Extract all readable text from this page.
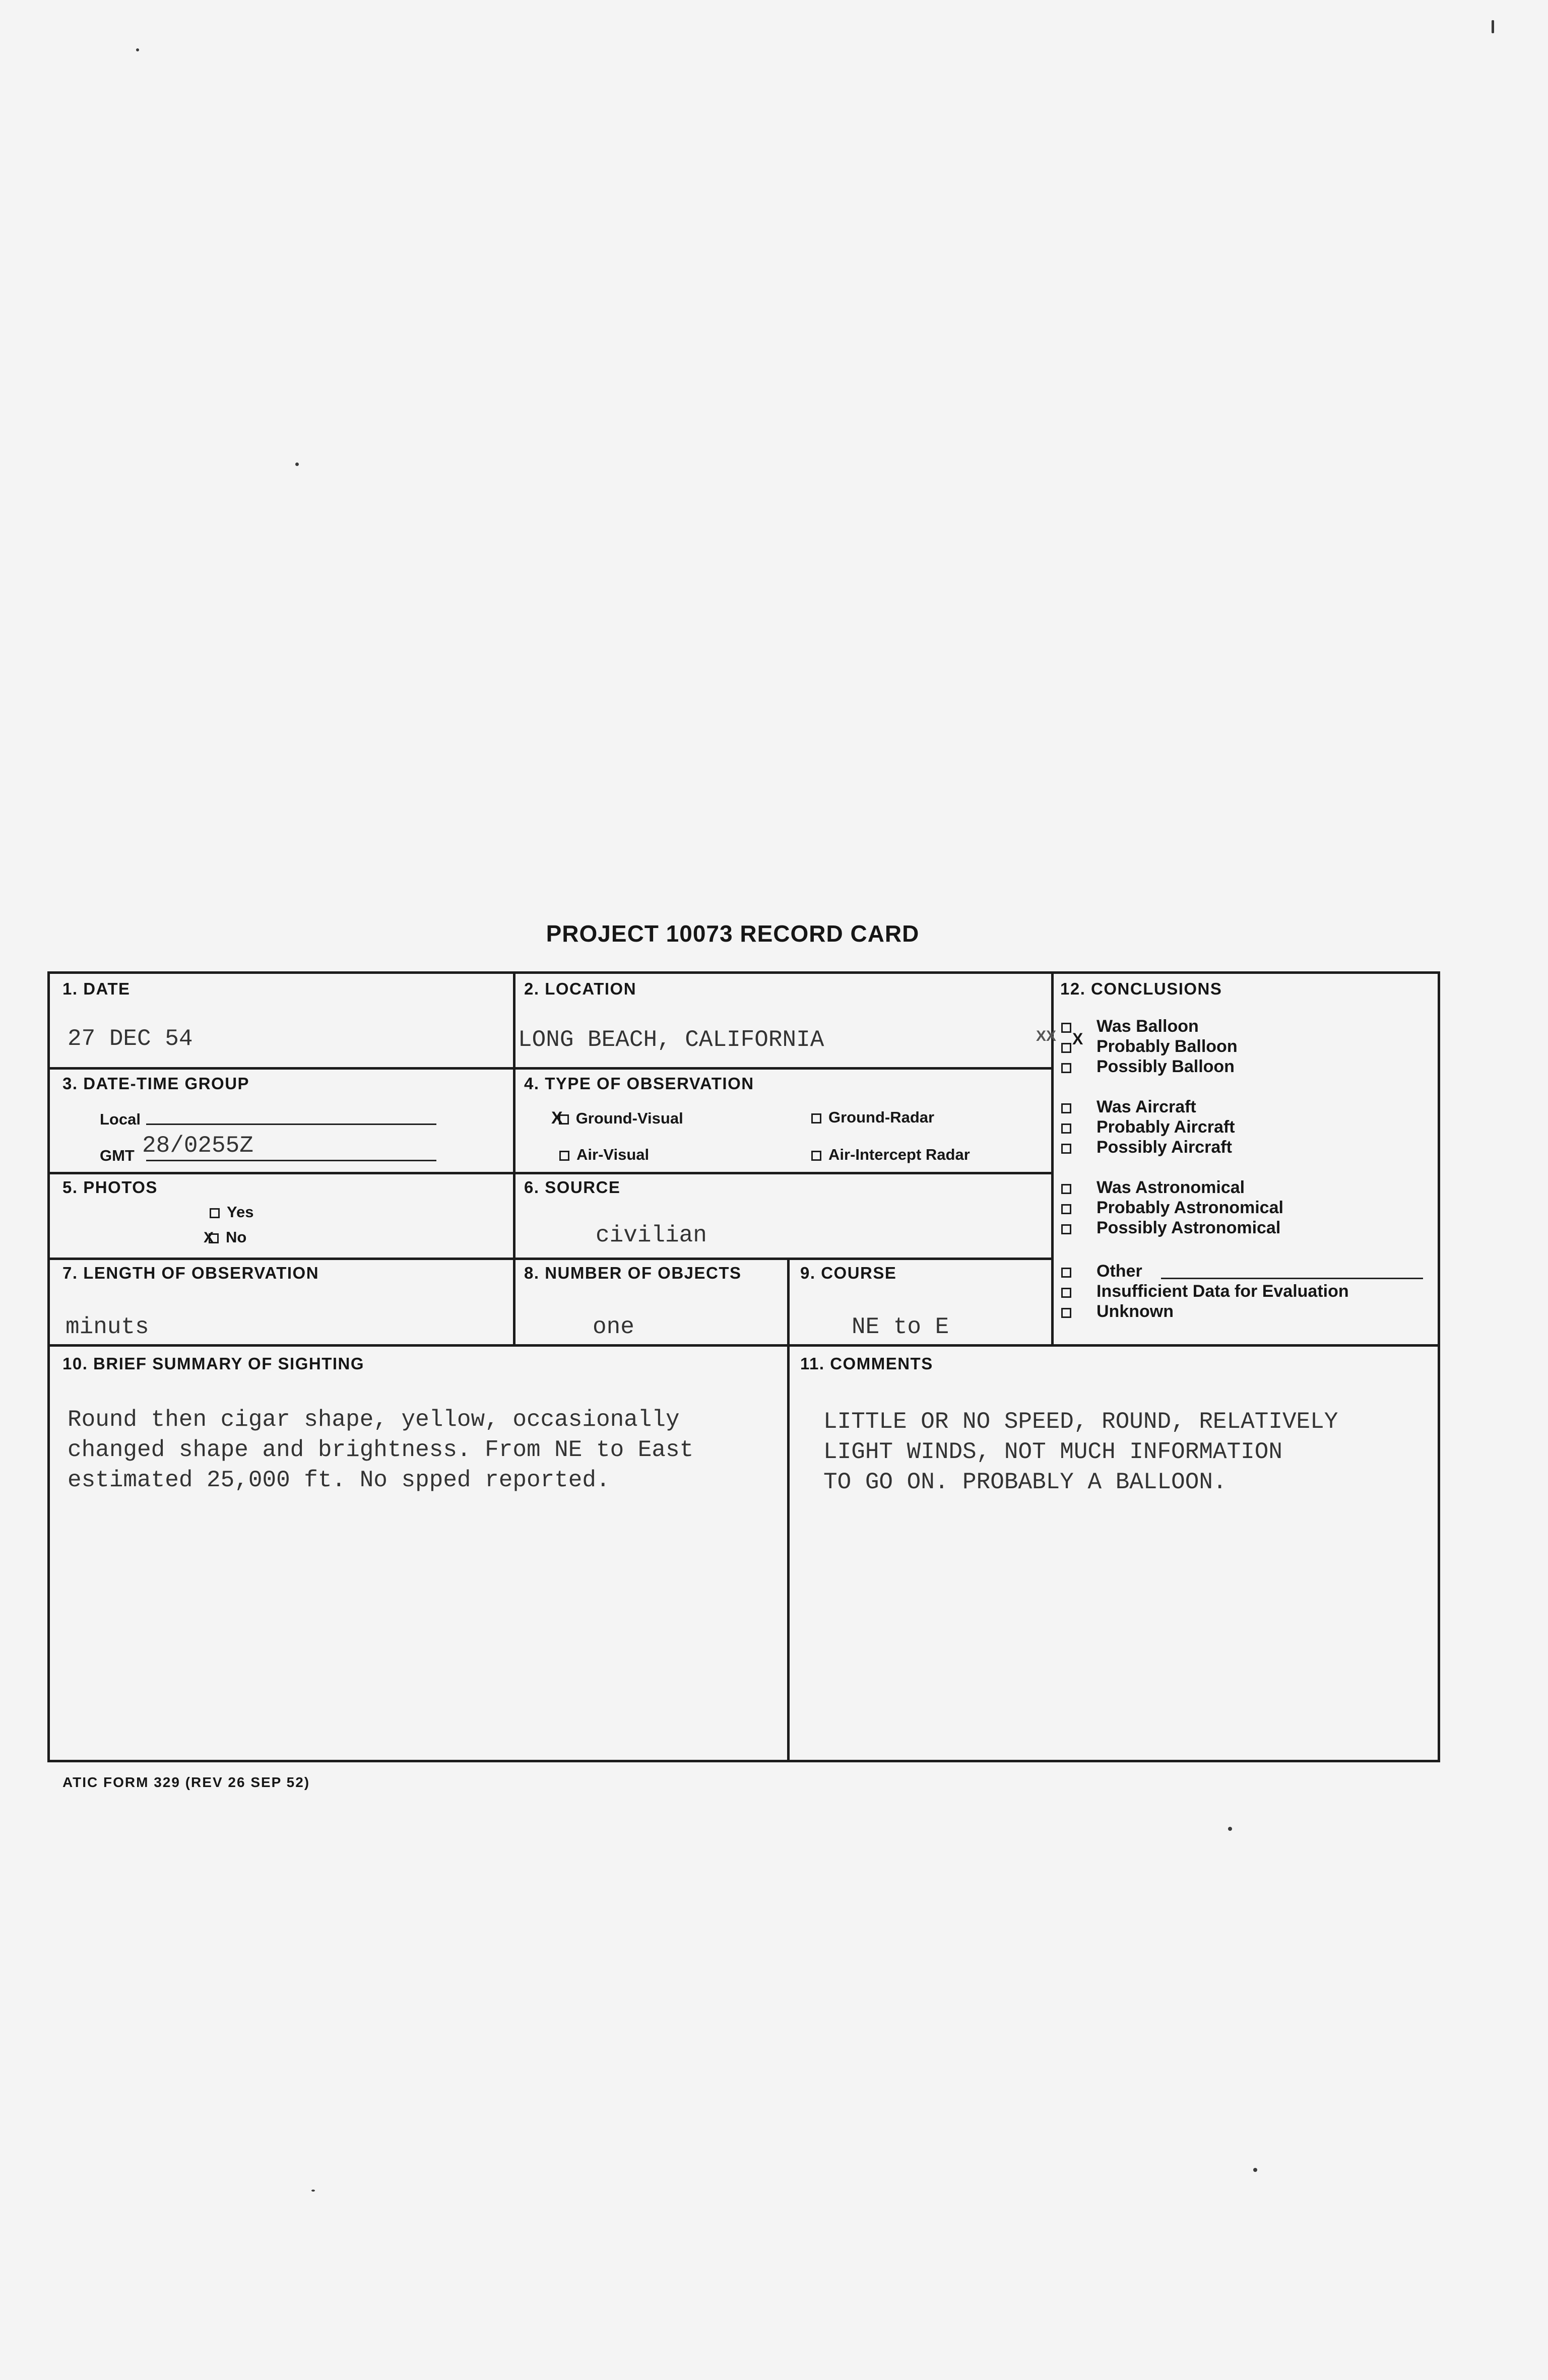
PROJECT 10073 RECORD CARD
1. DATE
27 DEC 54
2. LOCATION
LONG BEACH, CALIFORNIA	XX
3. DATE-TIME GROUP
Local
GMT 28/0255Z
4. TYPE OF OBSERVATION
X Ground-Visual	Ground-Radar
Air-Visual	Air-Intercept Radar
5. PHOTOS
Yes
X No
6. SOURCE
civilian
7. LENGTH OF OBSERVATION
minuts
8. NUMBER OF OBJECTS
one
9. COURSE
NE to E
12. CONCLUSIONS
Was Balloon
X Probably Balloon
Possibly Balloon
Was Aircraft
Probably Aircraft
Possibly Aircraft
Was Astronomical
Probably Astronomical
Possibly Astronomical
Other
Insufficient Data for Evaluation
Unknown
10. BRIEF SUMMARY OF SIGHTING
Round then cigar shape, yellow, occasionally
changed shape and brightness. From NE to East
estimated 25,000 ft. No spped reported.
11. COMMENTS
LITTLE OR NO SPEED, ROUND, RELATIVELY
LIGHT WINDS, NOT MUCH INFORMATION
TO GO ON. PROBABLY A BALLOON.
ATIC FORM 329 (REV 26 SEP 52)
